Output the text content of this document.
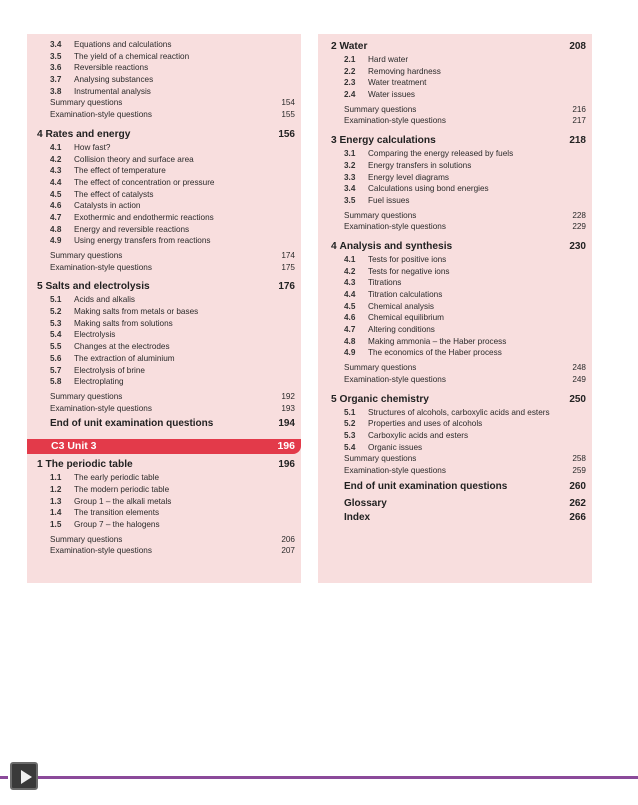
3.4 Equations and calculations
3.5 The yield of a chemical reaction
3.6 Reversible reactions
3.7 Analysing substances
3.8 Instrumental analysis
Summary questions	154
Examination-style questions	155
4 Rates and energy	156
4.1 How fast?
4.2 Collision theory and surface area
4.3 The effect of temperature
4.4 The effect of concentration or pressure
4.5 The effect of catalysts
4.6 Catalysts in action
4.7 Exothermic and endothermic reactions
4.8 Energy and reversible reactions
4.9 Using energy transfers from reactions
Summary questions	174
Examination-style questions	175
5 Salts and electrolysis	176
5.1 Acids and alkalis
5.2 Making salts from metals or bases
5.3 Making salts from solutions
5.4 Electrolysis
5.5 Changes at the electrodes
5.6 The extraction of aluminium
5.7 Electrolysis of brine
5.8 Electroplating
Summary questions	192
Examination-style questions	193
End of unit examination questions	194
C3 Unit 3	196
1 The periodic table	196
1.1 The early periodic table
1.2 The modern periodic table
1.3 Group 1 – the alkali metals
1.4 The transition elements
1.5 Group 7 – the halogens
Summary questions	206
Examination-style questions	207
2 Water	208
2.1 Hard water
2.2 Removing hardness
2.3 Water treatment
2.4 Water issues
Summary questions	216
Examination-style questions	217
3 Energy calculations	218
3.1 Comparing the energy released by fuels
3.2 Energy transfers in solutions
3.3 Energy level diagrams
3.4 Calculations using bond energies
3.5 Fuel issues
Summary questions	228
Examination-style questions	229
4 Analysis and synthesis	230
4.1 Tests for positive ions
4.2 Tests for negative ions
4.3 Titrations
4.4 Titration calculations
4.5 Chemical analysis
4.6 Chemical equilibrium
4.7 Altering conditions
4.8 Making ammonia – the Haber process
4.9 The economics of the Haber process
Summary questions	248
Examination-style questions	249
5 Organic chemistry	250
5.1 Structures of alcohols, carboxylic acids and esters
5.2 Properties and uses of alcohols
5.3 Carboxylic acids and esters
5.4 Organic issues
Summary questions	258
Examination-style questions	259
End of unit examination questions	260
Glossary	262
Index	266
